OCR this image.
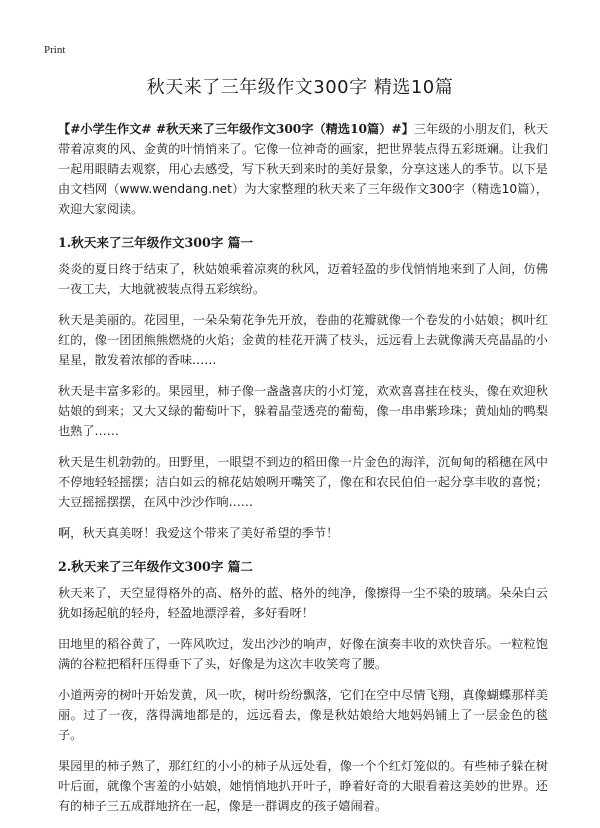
Print
秋天来了三年级作文300字 精选10篇

【#小学生作文# #秋天来了三年级作文300字（精选10篇）#】三年级的小朋友们，秋天带着凉爽的风、金黄的叶悄悄来了。它像一位神奇的画家，把世界装点得五彩斑斓。让我们一起用眼睛去观察，用心去感受，写下秋天到来时的美好景象，分享这迷人的季节。以下是由文档网（www.wendang.net）为大家整理的秋天来了三年级作文300字（精选10篇），欢迎大家阅读。

1.秋天来了三年级作文300字 篇一

炎炎的夏日终于结束了，秋姑娘乘着凉爽的秋风，迈着轻盈的步伐悄悄地来到了人间，仿佛一夜工夫，大地就被装点得五彩缤纷。

秋天是美丽的。花园里，一朵朵菊花争先开放，卷曲的花瓣就像一个卷发的小姑娘；枫叶红红的，像一团团熊熊燃烧的火焰；金黄的桂花开满了枝头，远远看上去就像满天亮晶晶的小星星，散发着浓郁的香味……

秋天是丰富多彩的。果园里，柿子像一盏盏喜庆的小灯笼，欢欢喜喜挂在枝头，像在欢迎秋姑娘的到来；又大又绿的葡萄叶下，躲着晶莹透亮的葡萄，像一串串紫珍珠；黄灿灿的鸭梨也熟了……

秋天是生机勃勃的。田野里，一眼望不到边的稻田像一片金色的海洋，沉甸甸的稻穗在风中不停地轻轻摇摆；洁白如云的棉花姑娘咧开嘴笑了，像在和农民伯伯一起分享丰收的喜悦；大豆摇摇摆摆，在风中沙沙作响……

啊，秋天真美呀！我爱这个带来了美好希望的季节！

2.秋天来了三年级作文300字 篇二

秋天来了，天空显得格外的高、格外的蓝、格外的纯净，像擦得一尘不染的玻璃。朵朵白云犹如扬起航的轻舟，轻盈地漂浮着，多好看呀！

田地里的稻谷黄了，一阵风吹过，发出沙沙的响声，好像在演奏丰收的欢快音乐。一粒粒饱满的谷粒把稻秆压得垂下了头，好像是为这次丰收笑弯了腰。

小道两旁的树叶开始发黄，风一吹，树叶纷纷飘落，它们在空中尽情飞翔，真像蝴蝶那样美丽。过了一夜，落得满地都是的，远远看去，像是秋姑娘给大地妈妈铺上了一层金色的毯子。

果园里的柿子熟了，那红红的小小的柿子从远处看，像一个个红灯笼似的。有些柿子躲在树叶后面，就像个害羞的小姑娘，她悄悄地扒开叶子，睁着好奇的大眼看着这美妙的世界。还有的柿子三五成群地挤在一起，像是一群调皮的孩子嬉闹着。
